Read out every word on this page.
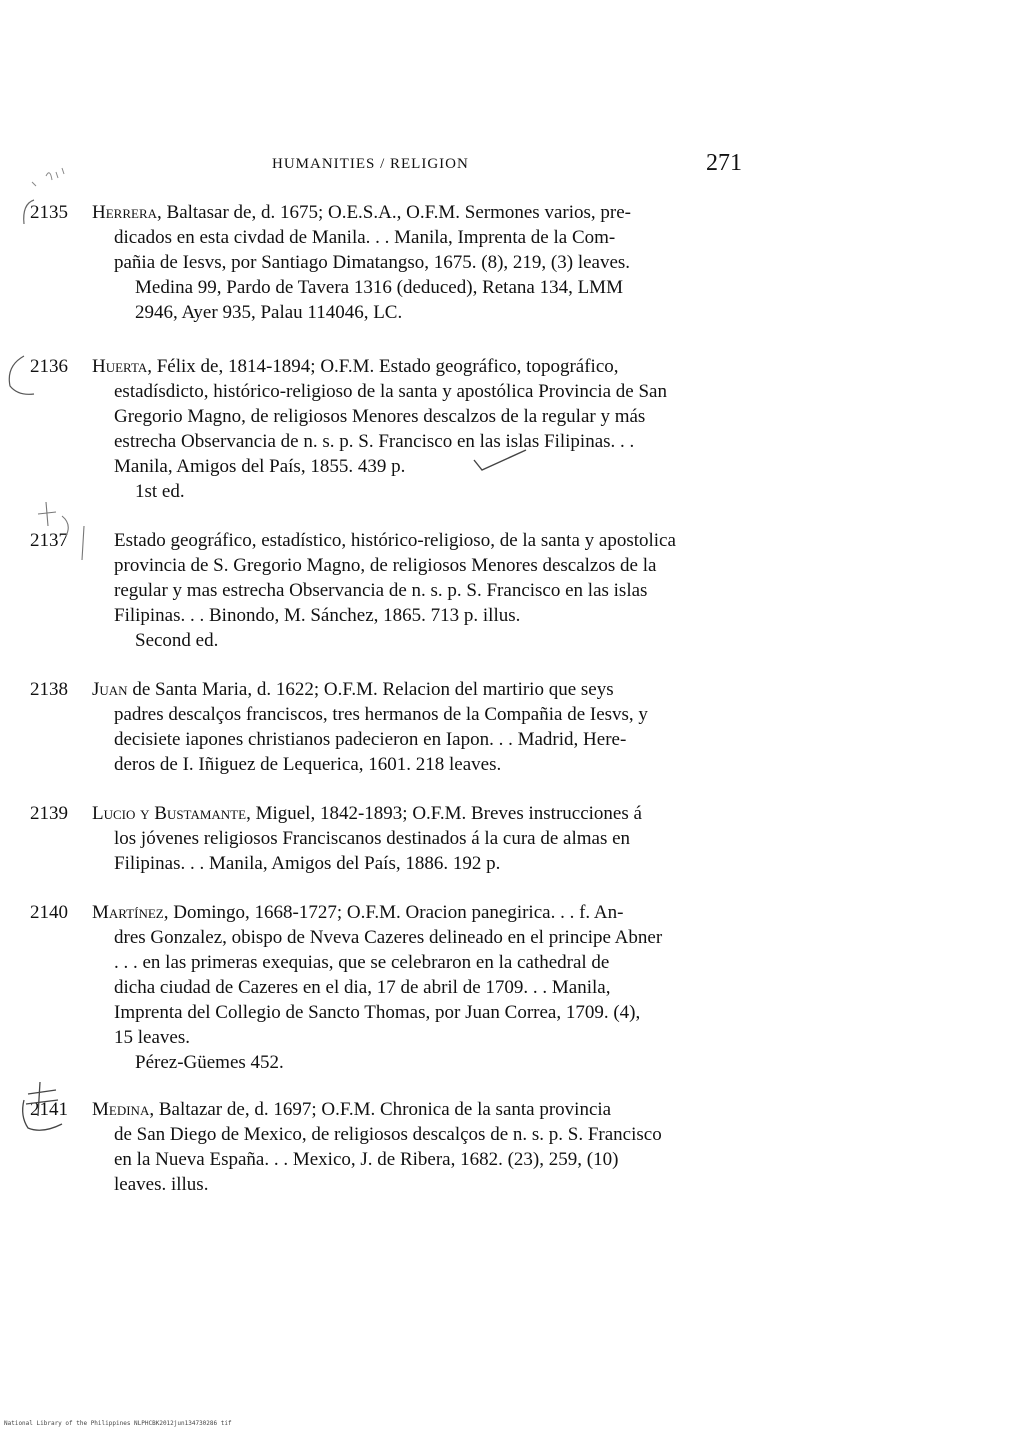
HUMANITIES / RELIGION	271
2135 Herrera, Baltasar de, d. 1675; O.E.S.A., O.F.M. Sermones varios, pre-
dicados en esta civdad de Manila. . . Manila, Imprenta de la Com-
pañia de Iesvs, por Santiago Dimatangso, 1675. (8), 219, (3) leaves.
Medina 99, Pardo de Tavera 1316 (deduced), Retana 134, LMM
2946, Ayer 935, Palau 114046, LC.
2136 Huerta, Félix de, 1814-1894; O.F.M. Estado geográfico, topográfico,
estadísdicto, histórico-religioso de la santa y apostólica Provincia de San
Gregorio Magno, de religiosos Menores descalzos de la regular y más
estrecha Observancia de n. s. p. S. Francisco en las islas Filipinas. . .
Manila, Amigos del País, 1855. 439 p.
1st ed.
2137	Estado geográfico, estadístico, histórico-religioso, de la santa y apostolica
provincia de S. Gregorio Magno, de religiosos Menores descalzos de la
regular y mas estrecha Observancia de n. s. p. S. Francisco en las islas
Filipinas. . . Binondo, M. Sánchez, 1865. 713 p. illus.
Second ed.
2138 Juan de Santa Maria, d. 1622; O.F.M. Relacion del martirio que seys
padres descalços franciscos, tres hermanos de la Compañia de Iesvs, y
decisiete iapones christianos padecieron en Iapon. . . Madrid, Here-
deros de I. Iñiguez de Lequerica, 1601. 218 leaves.
2139 Lucio y Bustamante, Miguel, 1842-1893; O.F.M. Breves instrucciones á
los jóvenes religiosos Franciscanos destinados á la cura de almas en
Filipinas. . . Manila, Amigos del País, 1886. 192 p.
2140 Martínez, Domingo, 1668-1727; O.F.M. Oracion panegirica. . . f. An-
dres Gonzalez, obispo de Nveva Cazeres delineado en el principe Abner
. . . en las primeras exequias, que se celebraron en la cathedral de
dicha ciudad de Cazeres en el dia, 17 de abril de 1709. . . Manila,
Imprenta del Collegio de Sancto Thomas, por Juan Correa, 1709. (4),
15 leaves.
Pérez-Güemes 452.
2141 Medina, Baltazar de, d. 1697; O.F.M. Chronica de la santa provincia
de San Diego de Mexico, de religiosos descalços de n. s. p. S. Francisco
en la Nueva España. . . Mexico, J. de Ribera, 1682. (23), 259, (10)
leaves. illus.
National Library of the Philippines NLPHCBK2012jun134730286 tif
